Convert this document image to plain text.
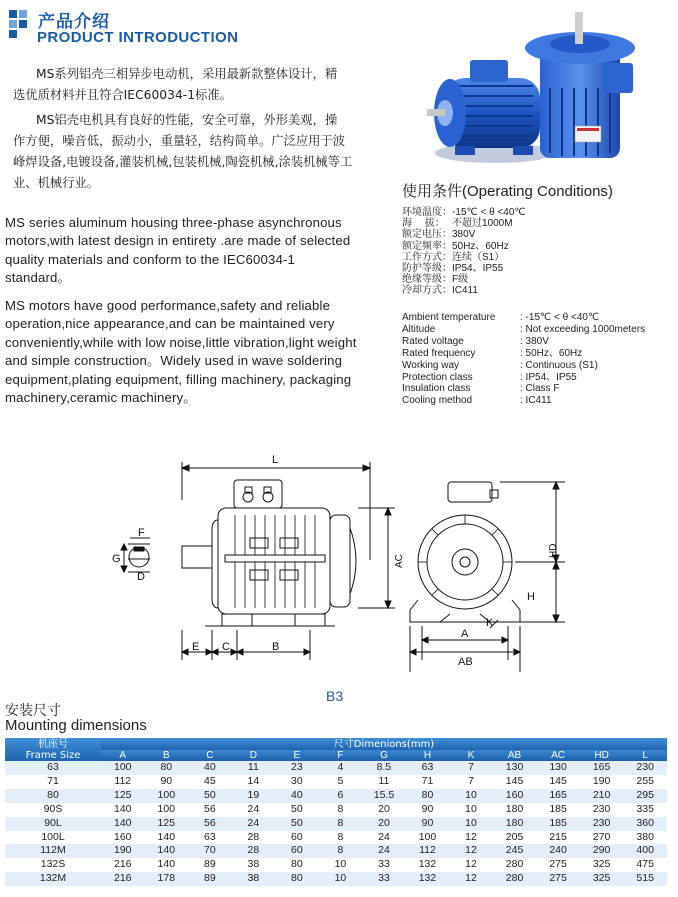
产品介绍
PRODUCT INTRODUCTION
MS系列铝壳三相异步电动机，采用最新款整体设计，精
选优质材料并且符合IEC60034-1标准。
MS铝壳电机具有良好的性能，安全可靠，外形美观，操
作方便，噪音低，振动小，重量轻，结构简单。广泛应用于波
峰焊设备,电镀设备,灌装机械,包装机械,陶瓷机械,涂装机械等工
业、机械行业。
MS series aluminum housing three-phase asynchronous
motors,with latest design in entirety .are made of selected
quality materials and conform to the IEC60034-1
standard。
MS motors have good performance,safety and reliable
operation,nice appearance,and can be maintained very
conveniently,while with low noise,little vibration,light weight
and simple construction。Widely used in wave soldering
equipment,plating equipment, filling machinery, packaging
machinery,ceramic machinery。
使用条件(Operating Conditions)
环境温度： -15℃ < θ <40℃
海    拔： 不超过1000M
额定电压： 380V
额定频率： 50Hz、60Hz
工作方式： 连续（S1）
防护等级： IP54、IP55
绝缘等级： F级
冷却方式： IC411
Ambient temperature	: -15℃ < θ <40℃
Altitude	: Not exceeding 1000meters
Rated voltage	: 380V
Rated frequency	: 50Hz、60Hz
Working way	: Continuous (S1)
Protection class	: IP54、IP55
Insulation class	: Class F
Cooling method	: IC411
L
AC
E C	B
F
G
D
HD
H
A
AB
K
B3
安装尺寸
Mounting dimensions
机座号
Frame Size	尺寸Dimenions(mm)												
	A	B	C	D	E	F	G	H	K	AB	AC	HD	L
63	100	80	40	11	23	4	8.5	63	7	130	130	165	230
71	112	90	45	14	30	5	11	71	7	145	145	190	255
80	125	100	50	19	40	6	15.5	80	10	160	165	210	295
90S	140	100	56	24	50	8	20	90	10	180	185	230	335
90L	140	125	56	24	50	8	20	90	10	180	185	230	360
100L	160	140	63	28	60	8	24	100	12	205	215	270	380
112M	190	140	70	28	60	8	24	112	12	245	240	290	400
132S	216	140	89	38	80	10	33	132	12	280	275	325	475
132M	216	178	89	38	80	10	33	132	12	280	275	325	515
